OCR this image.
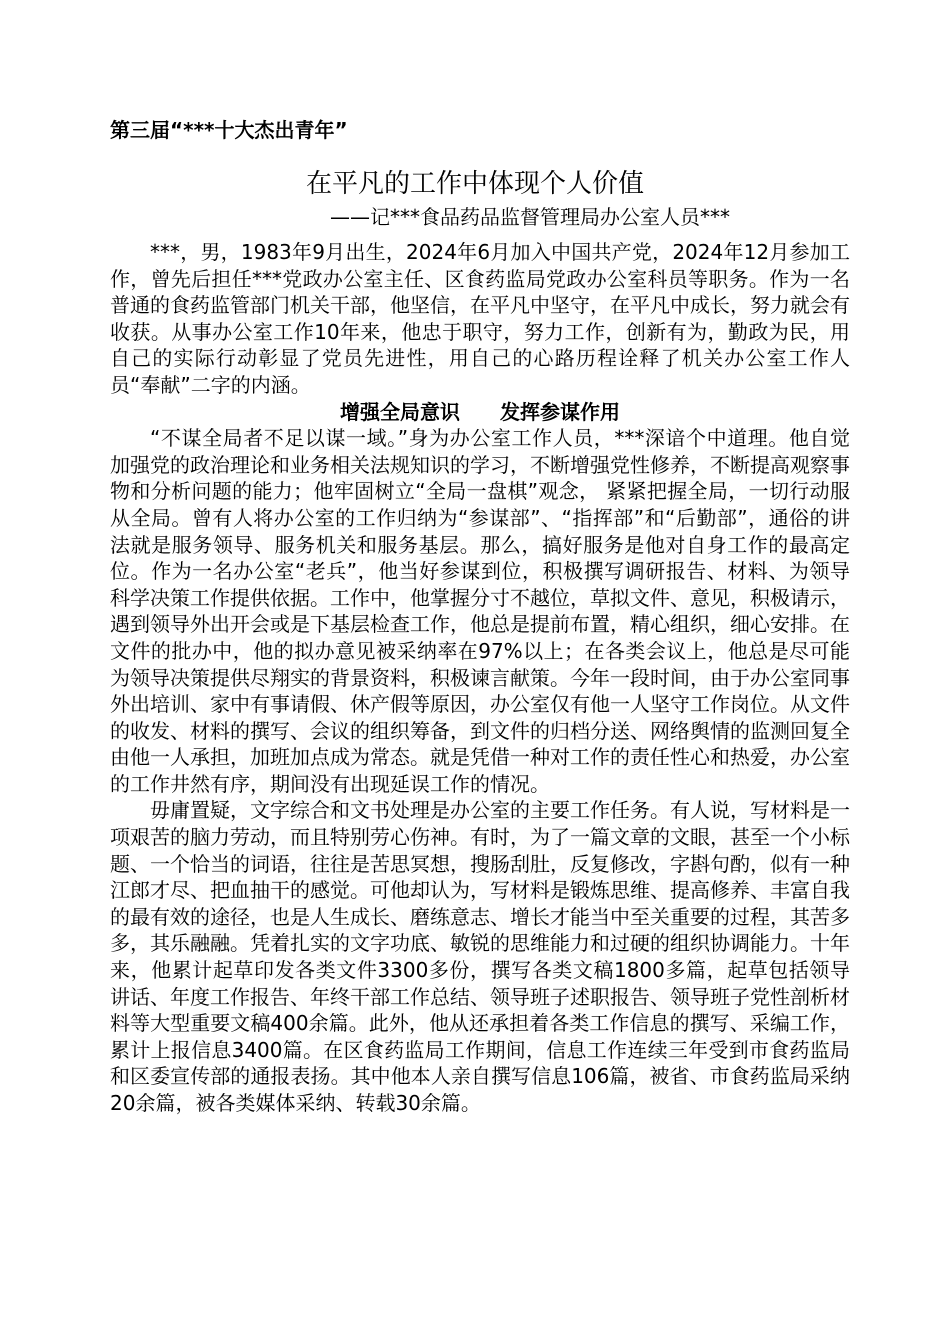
第三届“***十大杰出青年”
在平凡的工作中体现个人价值
——记***食品药品监督管理局办公室人员***

***，男，1983年9月出生，2024年6月加入中国共产党，2024年12月参加工作，曾先后担任***党政办公室主任、区食药监局党政办公室科员等职务。作为一名普通的食药监管部门机关干部，他坚信，在平凡中坚守，在平凡中成长，努力就会有收获。从事办公室工作10年来，他忠于职守，努力工作，创新有为，勤政为民，用自己的实际行动彰显了党员先进性，用自己的心路历程诠释了机关办公室工作人员“奉献”二字的内涵。

增强全局意识 发挥参谋作用

“不谋全局者不足以谋一域。”身为办公室工作人员，***深谙个中道理。他自觉加强党的政治理论和业务相关法规知识的学习，不断增强党性修养，不断提高观察事物和分析问题的能力；他牢固树立“全局一盘棋”观念， 紧紧把握全局，一切行动服从全局。曾有人将办公室的工作归纳为“参谋部”、“指挥部”和“后勤部”，通俗的讲法就是服务领导、服务机关和服务基层。那么，搞好服务是他对自身工作的最高定位。作为一名办公室“老兵”，他当好参谋到位，积极撰写调研报告、材料、为领导科学决策工作提供依据。工作中，他掌握分寸不越位，草拟文件、意见，积极请示，遇到领导外出开会或是下基层检查工作，他总是提前布置，精心组织，细心安排。在文件的批办中，他的拟办意见被采纳率在97%以上；在各类会议上，他总是尽可能为领导决策提供尽翔实的背景资料，积极谏言献策。今年一段时间，由于办公室同事外出培训、家中有事请假、休产假等原因，办公室仅有他一人坚守工作岗位。从文件的收发、材料的撰写、会议的组织筹备，到文件的归档分送、网络舆情的监测回复全由他一人承担，加班加点成为常态。就是凭借一种对工作的责任性心和热爱，办公室的工作井然有序，期间没有出现延误工作的情况。

毋庸置疑，文字综合和文书处理是办公室的主要工作任务。有人说，写材料是一项艰苦的脑力劳动，而且特别劳心伤神。有时，为了一篇文章的文眼，甚至一个小标题、一个恰当的词语，往往是苦思冥想，搜肠刮肚，反复修改，字斟句酌，似有一种江郎才尽、把血抽干的感觉。可他却认为，写材料是锻炼思维、提高修养、丰富自我的最有效的途径，也是人生成长、磨练意志、增长才能当中至关重要的过程，其苦多多，其乐融融。凭着扎实的文字功底、敏锐的思维能力和过硬的组织协调能力。十年来，他累计起草印发各类文件3300多份，撰写各类文稿1800多篇，起草包括领导讲话、年度工作报告、年终干部工作总结、领导班子述职报告、领导班子党性剖析材料等大型重要文稿400余篇。此外，他从还承担着各类工作信息的撰写、采编工作，累计上报信息3400篇。在区食药监局工作期间，信息工作连续三年受到市食药监局和区委宣传部的通报表扬。其中他本人亲自撰写信息106篇，被省、市食药监局采纳20余篇，被各类媒体采纳、转载30余篇。
